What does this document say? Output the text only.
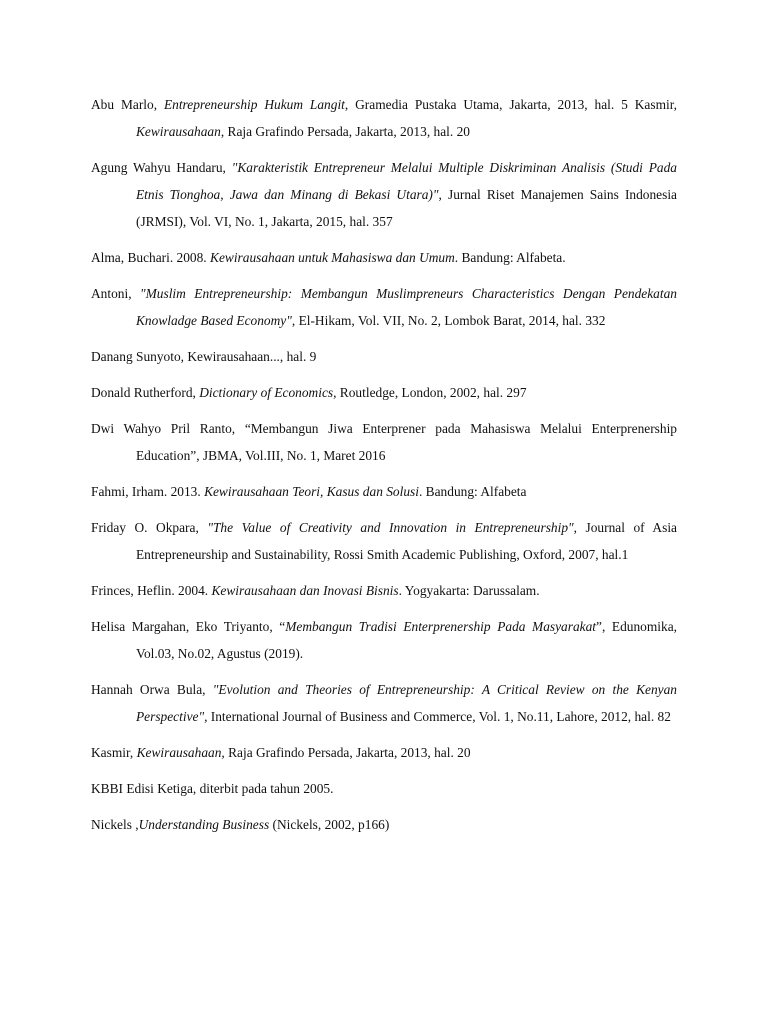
Abu Marlo, Entrepreneurship Hukum Langit, Gramedia Pustaka Utama, Jakarta, 2013, hal. 5 Kasmir, Kewirausahaan, Raja Grafindo Persada, Jakarta, 2013, hal. 20

Agung Wahyu Handaru, "Karakteristik Entrepreneur Melalui Multiple Diskriminan Analisis (Studi Pada Etnis Tionghoa, Jawa dan Minang di Bekasi Utara)", Jurnal Riset Manajemen Sains Indonesia (JRMSI), Vol. VI, No. 1, Jakarta, 2015, hal. 357

Alma, Buchari. 2008. Kewirausahaan untuk Mahasiswa dan Umum. Bandung: Alfabeta.

Antoni, "Muslim Entrepreneurship: Membangun Muslimpreneurs Characteristics Dengan Pendekatan Knowladge Based Economy", El-Hikam, Vol. VII, No. 2, Lombok Barat, 2014, hal. 332

Danang Sunyoto, Kewirausahaan..., hal. 9

Donald Rutherford, Dictionary of Economics, Routledge, London, 2002, hal. 297

Dwi Wahyo Pril Ranto, “Membangun Jiwa Enterprener pada Mahasiswa Melalui Enterprenership Education”, JBMA, Vol.III, No. 1, Maret 2016

Fahmi, Irham. 2013. Kewirausahaan Teori, Kasus dan Solusi. Bandung: Alfabeta

Friday O. Okpara, "The Value of Creativity and Innovation in Entrepreneurship", Journal of Asia Entrepreneurship and Sustainability, Rossi Smith Academic Publishing, Oxford, 2007, hal.1

Frinces, Heflin. 2004. Kewirausahaan dan Inovasi Bisnis. Yogyakarta: Darussalam.

Helisa Margahan, Eko Triyanto, “Membangun Tradisi Enterprenership Pada Masyarakat”, Edunomika, Vol.03, No.02, Agustus (2019).

Hannah Orwa Bula, "Evolution and Theories of Entrepreneurship: A Critical Review on the Kenyan Perspective", International Journal of Business and Commerce, Vol. 1, No.11, Lahore, 2012, hal. 82

Kasmir, Kewirausahaan, Raja Grafindo Persada, Jakarta, 2013, hal. 20

KBBI Edisi Ketiga, diterbit pada tahun 2005.

Nickels ,Understanding Business (Nickels, 2002, p166)
